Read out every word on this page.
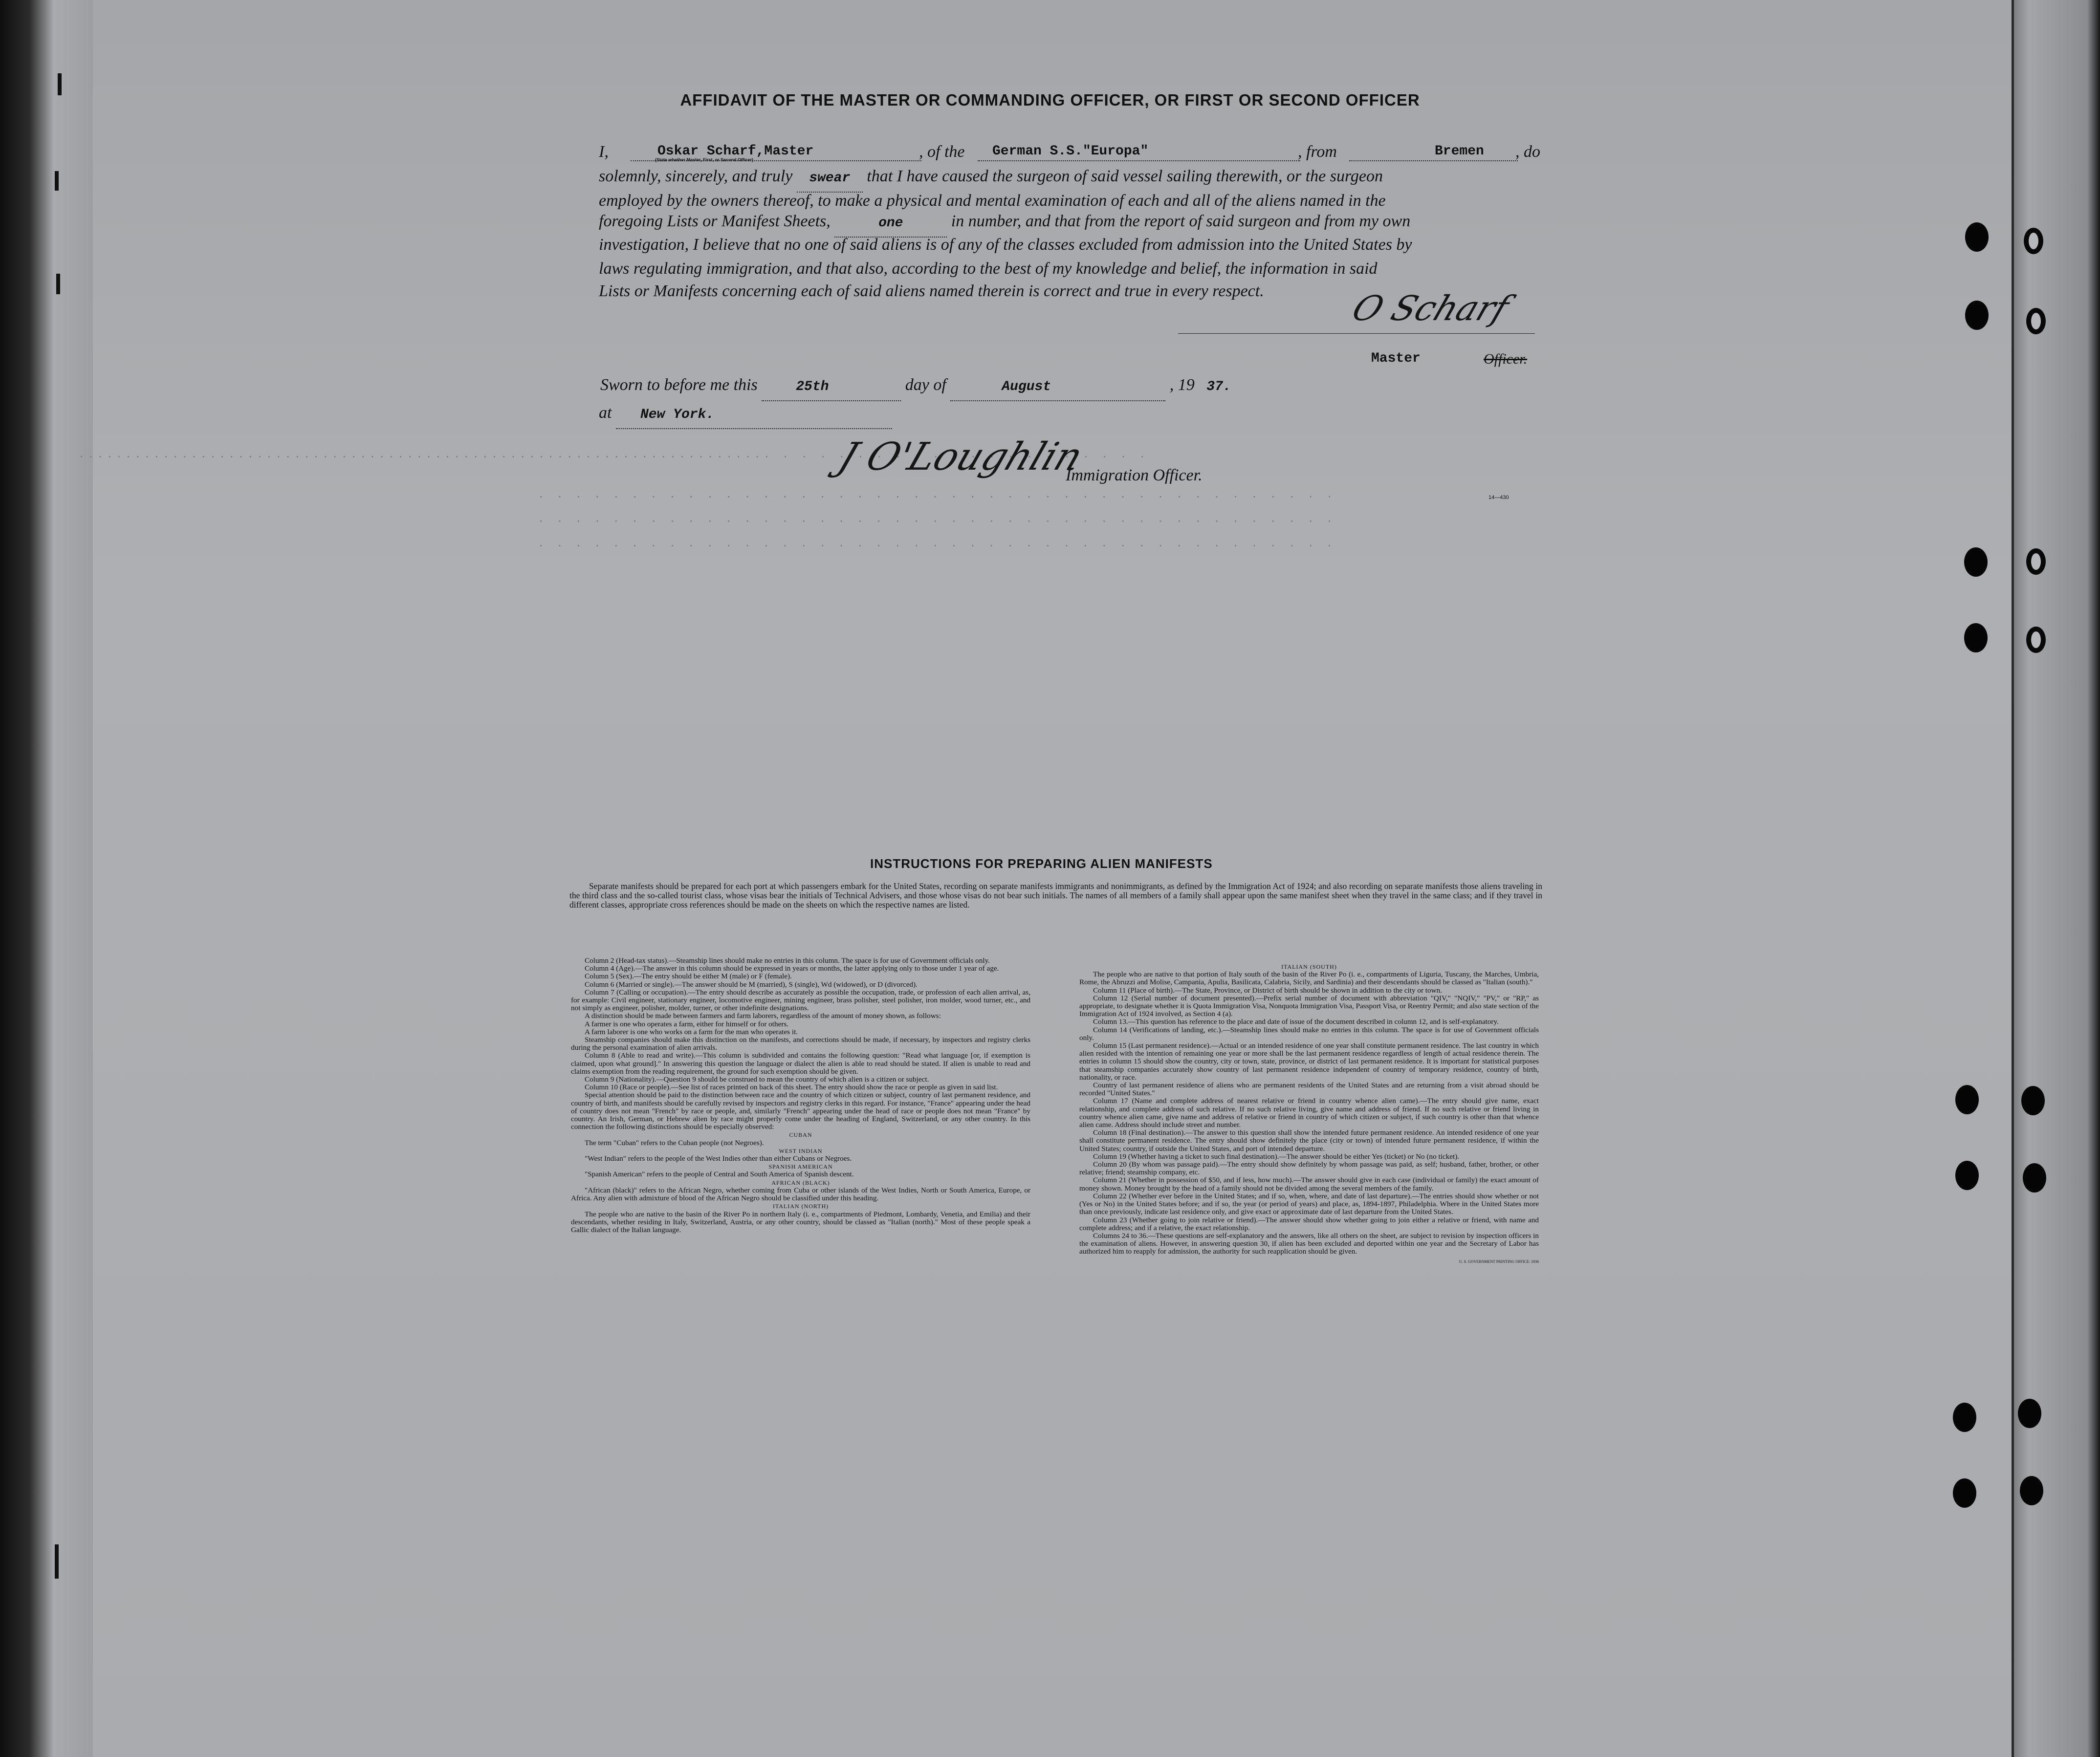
.......................................................................... . . . . . . . . . . . . . . . . . . . .
. . . . . . . . . . . . . . . . . . . . . . . . . . . . . . . . . . . . . . . . . . .
. . . . . . . . . . . . . . . . . . . . . . . . . . . . . . . . . . . . . . . . . . .
. . . . . . . . . . . . . . . . . . . . . . . . . . . . . . . . . . . . . . . . . . .
AFFIDAVIT OF THE MASTER OR COMMANDING OFFICER, OR FIRST OR SECOND OFFICER
I,	Oskar Scharf,Master
(State whether Master, First, or Second Officer)	, of the German S.S."Europa"	, from	Bremen , do
solemnly, sincerely, and truly swear that I have caused the surgeon of said vessel sailing therewith, or the surgeon
employed by the owners thereof, to make a physical and mental examination of each and all of the aliens named in the
foregoing Lists or Manifest Sheets,	one	in number, and that from the report of said surgeon and from my own
investigation, I believe that no one of said aliens is of any of the classes excluded from admission into the United States by
laws regulating immigration, and that also, according to the best of my knowledge and belief, the information in said
Lists or Manifests concerning each of said aliens named therein is correct and true in every respect. O Scharf
Master	Officer.
Sworn to before me this	25th	day of	August	, 19 37.
at New York.
J O'Loughlin
Immigration Officer.
14—430
INSTRUCTIONS FOR PREPARING ALIEN MANIFESTS
Separate manifests should be prepared for each port at which passengers embark for the United States, recording on separate manifests immigrants and nonimmigrants, as defined by the Immigration Act of 1924; and also recording on separate manifests those aliens traveling in the third class and the so-called tourist class, whose visas bear the initials of Technical Advisers, and those whose visas do not bear such initials. The names of all members of a family shall appear upon the same manifest sheet when they travel in the same class; and if they travel in different classes, appropriate cross references should be made on the sheets on which the respective names are listed.

Column 2 (Head-tax status).—Steamship lines should make no entries in this column. The space is for use of Government officials only.

Column 4 (Age).—The answer in this column should be expressed in years or months, the latter applying only to those under 1 year of age.

Column 5 (Sex).—The entry should be either M (male) or F (female).

Column 6 (Married or single).—The answer should be M (married), S (single), Wd (widowed), or D (divorced).

Column 7 (Calling or occupation).—The entry should describe as accurately as possible the occupation, trade, or profession of each alien arrival, as, for example: Civil engineer, stationary engineer, locomotive engineer, mining engineer, brass polisher, steel polisher, iron molder, wood turner, etc., and not simply as engineer, polisher, molder, turner, or other indefinite designations.

A distinction should be made between farmers and farm laborers, regardless of the amount of money shown, as follows:

A farmer is one who operates a farm, either for himself or for others.

A farm laborer is one who works on a farm for the man who operates it.

Steamship companies should make this distinction on the manifests, and corrections should be made, if necessary, by inspectors and registry clerks during the personal examination of alien arrivals.

Column 8 (Able to read and write).—This column is subdivided and contains the following question: "Read what language [or, if exemption is claimed, upon what ground]." In answering this question the language or dialect the alien is able to read should be stated. If alien is unable to read and claims exemption from the reading requirement, the ground for such exemption should be given.

Column 9 (Nationality).—Question 9 should be construed to mean the country of which alien is a citizen or subject.

Column 10 (Race or people).—See list of races printed on back of this sheet. The entry should show the race or people as given in said list.

Special attention should be paid to the distinction between race and the country of which citizen or subject, country of last permanent residence, and country of birth, and manifests should be carefully revised by inspectors and registry clerks in this regard. For instance, "France" appearing under the head of country does not mean "French" by race or people, and, similarly "French" appearing under the head of race or people does not mean "France" by country. An Irish, German, or Hebrew alien by race might properly come under the heading of England, Switzerland, or any other country. In this connection the following distinctions should be especially observed:

CUBAN

The term "Cuban" refers to the Cuban people (not Negroes).

WEST INDIAN

"West Indian" refers to the people of the West Indies other than either Cubans or Negroes.

SPANISH AMERICAN

"Spanish American" refers to the people of Central and South America of Spanish descent.

AFRICAN (BLACK)

"African (black)" refers to the African Negro, whether coming from Cuba or other islands of the West Indies, North or South America, Europe, or Africa. Any alien with admixture of blood of the African Negro should be classified under this heading.

ITALIAN (NORTH)

The people who are native to the basin of the River Po in northern Italy (i. e., compartments of Piedmont, Lombardy, Venetia, and Emilia) and their descendants, whether residing in Italy, Switzerland, Austria, or any other country, should be classed as "Italian (north)." Most of these people speak a Gallic dialect of the Italian language.

ITALIAN (SOUTH)

The people who are native to that portion of Italy south of the basin of the River Po (i. e., compartments of Liguria, Tuscany, the Marches, Umbria, Rome, the Abruzzi and Molise, Campania, Apulia, Basilicata, Calabria, Sicily, and Sardinia) and their descendants should be classed as "Italian (south)."

Column 11 (Place of birth).—The State, Province, or District of birth should be shown in addition to the city or town.

Column 12 (Serial number of document presented).—Prefix serial number of document with abbreviation "QIV," "NQIV," "PV," or "RP," as appropriate, to designate whether it is Quota Immigration Visa, Nonquota Immigration Visa, Passport Visa, or Reentry Permit; and also state section of the Immigration Act of 1924 involved, as Section 4 (a).

Column 13.—This question has reference to the place and date of issue of the document described in column 12, and is self-explanatory.

Column 14 (Verifications of landing, etc.).—Steamship lines should make no entries in this column. The space is for use of Government officials only.

Column 15 (Last permanent residence).—Actual or an intended residence of one year shall constitute permanent residence. The last country in which alien resided with the intention of remaining one year or more shall be the last permanent residence regardless of length of actual residence therein. The entries in column 15 should show the country, city or town, state, province, or district of last permanent residence. It is important for statistical purposes that steamship companies accurately show country of last permanent residence independent of country of temporary residence, country of birth, nationality, or race.

Country of last permanent residence of aliens who are permanent residents of the United States and are returning from a visit abroad should be recorded "United States."

Column 17 (Name and complete address of nearest relative or friend in country whence alien came).—The entry should give name, exact relationship, and complete address of such relative. If no such relative living, give name and address of friend. If no such relative or friend living in country whence alien came, give name and address of relative or friend in country of which citizen or subject, if such country is other than that whence alien came. Address should include street and number.

Column 18 (Final destination).—The answer to this question shall show the intended future permanent residence. An intended residence of one year shall constitute permanent residence. The entry should show definitely the place (city or town) of intended future permanent residence, if within the United States; country, if outside the United States, and port of intended departure.

Column 19 (Whether having a ticket to such final destination).—The answer should be either Yes (ticket) or No (no ticket).

Column 20 (By whom was passage paid).—The entry should show definitely by whom passage was paid, as self; husband, father, brother, or other relative; friend; steamship company, etc.

Column 21 (Whether in possession of $50, and if less, how much).—The answer should give in each case (individual or family) the exact amount of money shown. Money brought by the head of a family should not be divided among the several members of the family.

Column 22 (Whether ever before in the United States; and if so, when, where, and date of last departure).—The entries should show whether or not (Yes or No) in the United States before; and if so, the year (or period of years) and place, as, 1894-1897, Philadelphia. Where in the United States more than once previously, indicate last residence only, and give exact or approximate date of last departure from the United States.

Column 23 (Whether going to join relative or friend).—The answer should show whether going to join either a relative or friend, with name and complete address; and if a relative, the exact relationship.

Columns 24 to 36.—These questions are self-explanatory and the answers, like all others on the sheet, are subject to revision by inspection officers in the examination of aliens. However, in answering question 30, if alien has been excluded and deported within one year and the Secretary of Labor has authorized him to reapply for admission, the authority for such reapplication should be given.

U. S. GOVERNMENT PRINTING OFFICE: 1936
